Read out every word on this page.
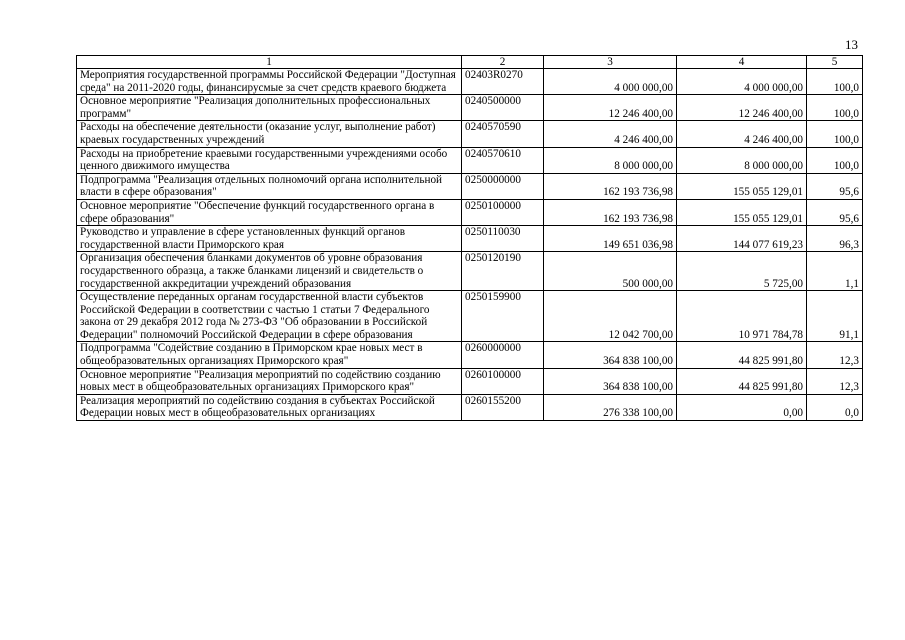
13
1	2	3	4	5
Мероприятия государственной программы Российской Федерации "Доступная среда" на 2011-2020 годы, финансирусмые за счет средств краевого бюджета	02403R0270	4 000 000,00	4 000 000,00	100,0
Основное мероприятие "Реализация дополнительных профессиональных программ"	0240500000	12 246 400,00	12 246 400,00	100,0
Расходы на обеспечение деятельности (оказание услуг, выполнение работ) краевых государственных учреждений	0240570590	4 246 400,00	4 246 400,00	100,0
Расходы на приобретение краевыми государственными учреждениями особо ценного движимого имущества	0240570610	8 000 000,00	8 000 000,00	100,0
Подпрограмма "Реализация отдельных полномочий органа исполнительной власти в сфере образования"	0250000000	162 193 736,98	155 055 129,01	95,6
Основное мероприятие "Обеспечение функций государственного органа в сфере образования"	0250100000	162 193 736,98	155 055 129,01	95,6
Руководство и управление в сфере установленных функций органов государственной власти Приморского края	0250110030	149 651 036,98	144 077 619,23	96,3
Организация обеспечения бланками документов об уровне образования государственного образца, а также бланками лицензий и свидетельств о государственной аккредитации учреждений образования	0250120190	500 000,00	5 725,00	1,1
Осуществление переданных органам государственной власти субъектов Российской Федерации в соответствии с частью 1 статьи 7 Федерального закона от 29 декабря 2012 года № 273-ФЗ "Об образовании в Российской Федерации" полномочий Российской Федерации в сфере образования	0250159900	12 042 700,00	10 971 784,78	91,1
Подпрограмма "Содействие созданию в Приморском крае новых мест в общеобразовательных организациях Приморского края"	0260000000	364 838 100,00	44 825 991,80	12,3
Основное мероприятие "Реализация мероприятий по содействию созданию новых мест в общеобразовательных организациях Приморского края"	0260100000	364 838 100,00	44 825 991,80	12,3
Реализация мероприятий по содействию создания в субъектах Российской Федерации новых мест в общеобразовательных организациях	0260155200	276 338 100,00	0,00	0,0
